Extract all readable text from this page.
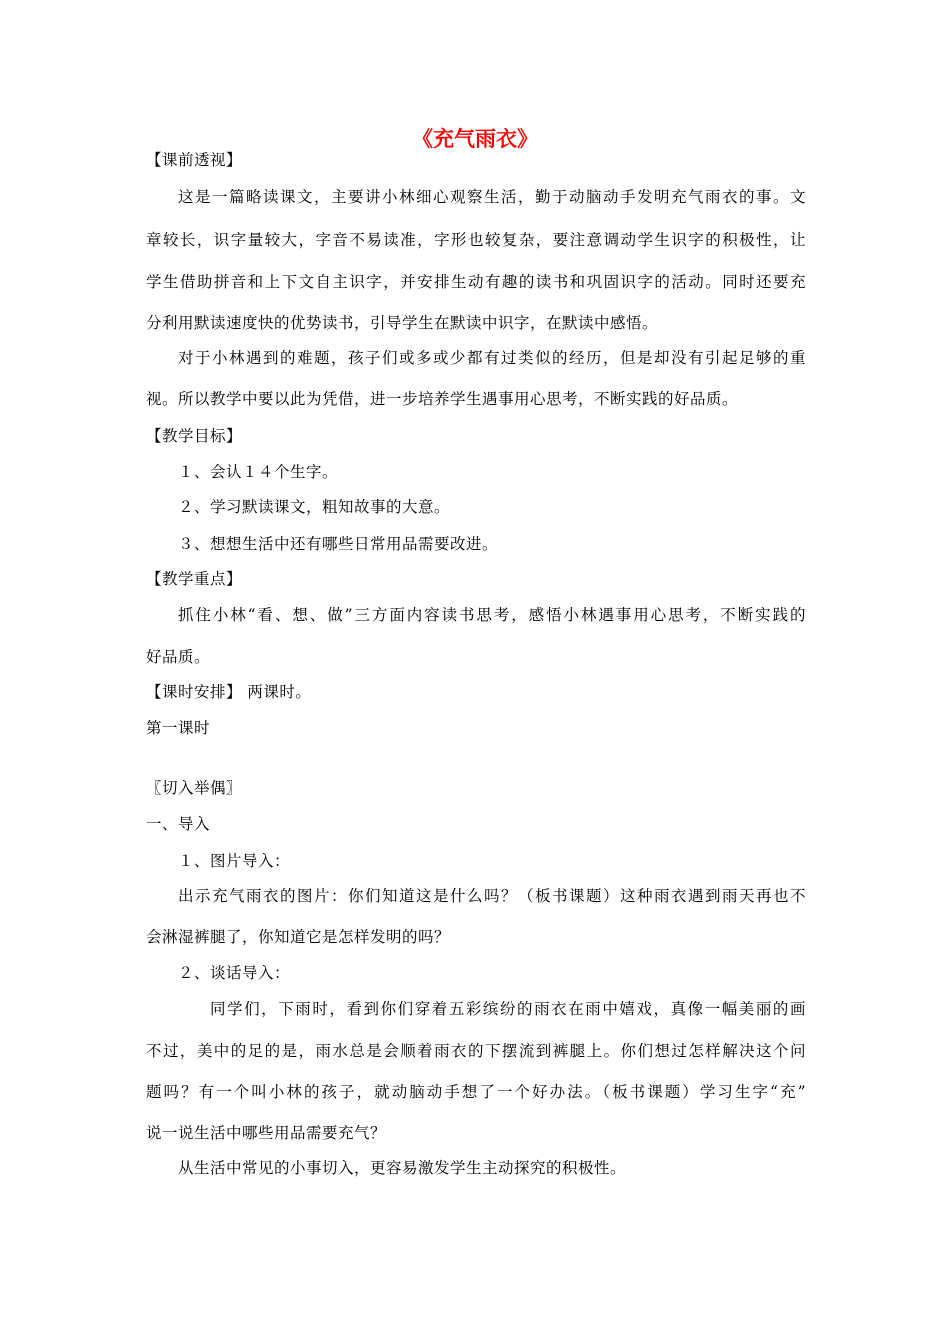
《充气雨衣》
【课前透视】
这是一篇略读课文，主要讲小林细心观察生活，勤于动脑动手发明充气雨衣的事。文
章较长，识字量较大，字音不易读准，字形也较复杂，要注意调动学生识字的积极性，让
学生借助拼音和上下文自主识字，并安排生动有趣的读书和巩固识字的活动。同时还要充
分利用默读速度快的优势读书，引导学生在默读中识字，在默读中感悟。
对于小林遇到的难题，孩子们或多或少都有过类似的经历，但是却没有引起足够的重
视。所以教学中要以此为凭借，进一步培养学生遇事用心思考，不断实践的好品质。
【教学目标】
１、会认１４个生字。
２、学习默读课文，粗知故事的大意。
３、想想生活中还有哪些日常用品需要改进。
【教学重点】
抓住小林“看、想、做”三方面内容读书思考，感悟小林遇事用心思考，不断实践的
好品质。
【课时安排】 两课时。
第一课时
〖切入举偶〗
一、导入
１、图片导入：
出示充气雨衣的图片：你们知道这是什么吗？（板书课题）这种雨衣遇到雨天再也不
会淋湿裤腿了，你知道它是怎样发明的吗？
２、谈话导入：
同学们，下雨时，看到你们穿着五彩缤纷的雨衣在雨中嬉戏，真像一幅美丽的画
不过，美中的足的是，雨水总是会顺着雨衣的下摆流到裤腿上。你们想过怎样解决这个问
题吗？有一个叫小林的孩子，就动脑动手想了一个好办法。（板书课题）学习生字“充”
说一说生活中哪些用品需要充气？
从生活中常见的小事切入，更容易激发学生主动探究的积极性。
